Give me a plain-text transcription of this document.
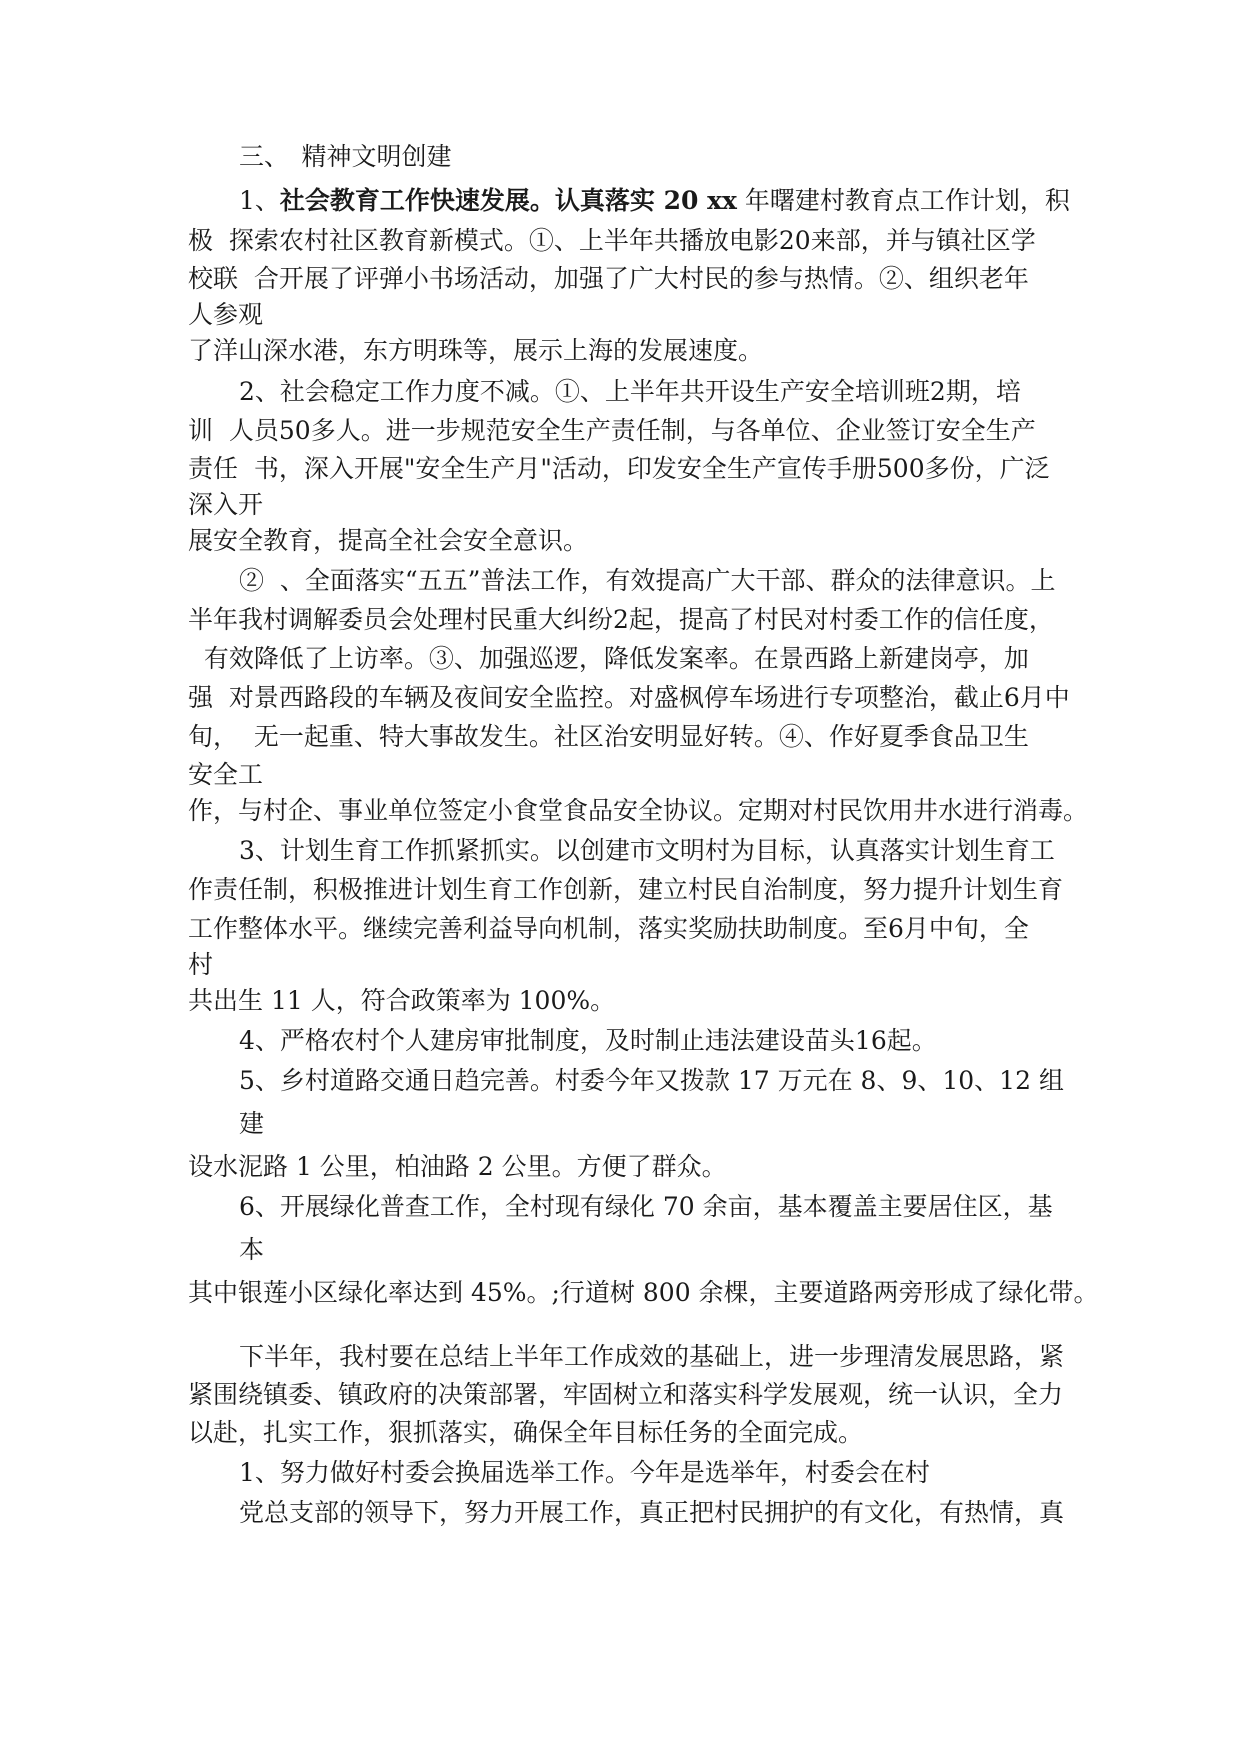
三、　精神文明创建
1、社会教育工作快速发展。认真落实 20 xx 年曙建村教育点工作计划，积
极  探索农村社区教育新模式。①、上半年共播放电影20来部，并与镇社区学
校联  合开展了评弹小书场活动，加强了广大村民的参与热情。②、组织老年
人参观
了洋山深水港，东方明珠等，展示上海的发展速度。
2、社会稳定工作力度不减。①、上半年共开设生产安全培训班2期，培
训  人员50多人。进一步规范安全生产责任制，与各单位、企业签订安全生产
责任  书，深入开展"安全生产月"活动，印发安全生产宣传手册500多份，广泛
深入开
展安全教育，提高全社会安全意识。
②  、全面落实“五五”普法工作，有效提高广大干部、群众的法律意识。上
半年我村调解委员会处理村民重大纠纷2起，提高了村民对村委工作的信任度，
有效降低了上访率。③、加强巡逻，降低发案率。在景西路上新建岗亭，加
强  对景西路段的车辆及夜间安全监控。对盛枫停车场进行专项整治，截止6月中
旬，  无一起重、特大事故发生。社区治安明显好转。④、作好夏季食品卫生
安全工
作，与村企、事业单位签定小食堂食品安全协议。定期对村民饮用井水进行消毒。
3、计划生育工作抓紧抓实。以创建市文明村为目标，认真落实计划生育工
作责任制，积极推进计划生育工作创新，建立村民自治制度，努力提升计划生育
工作整体水平。继续完善利益导向机制，落实奖励扶助制度。至6月中旬，全
村
共出生 11 人，符合政策率为 100%。
4、严格农村个人建房审批制度，及时制止违法建设苗头16起。
5、乡村道路交通日趋完善。村委今年又拨款 17 万元在 8、9、10、12 组
建
设水泥路 1 公里，柏油路 2 公里。方便了群众。
6、开展绿化普查工作，全村现有绿化 70 余亩，基本覆盖主要居住区，基
本
其中银莲小区绿化率达到 45%。;行道树 800 余棵，主要道路两旁形成了绿化带。
下半年，我村要在总结上半年工作成效的基础上，进一步理清发展思路，紧
紧围绕镇委、镇政府的决策部署，牢固树立和落实科学发展观，统一认识，全力
以赴，扎实工作，狠抓落实，确保全年目标任务的全面完成。
1、努力做好村委会换届选举工作。今年是选举年，村委会在村
党总支部的领导下，努力开展工作，真正把村民拥护的有文化，有热情，真
